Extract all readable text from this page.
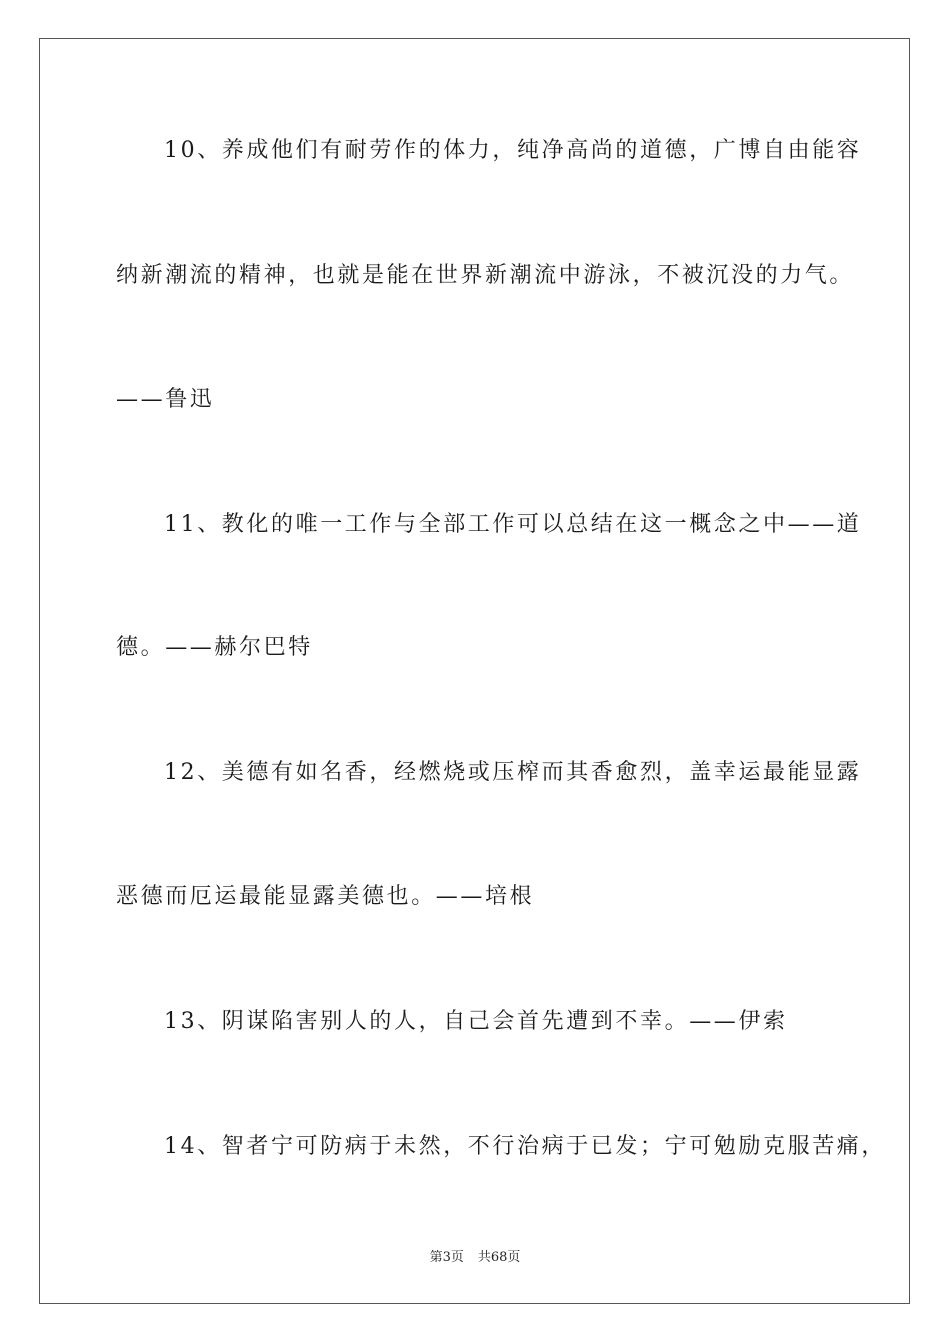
10、养成他们有耐劳作的体力，纯净高尚的道德，广博自由能容
纳新潮流的精神，也就是能在世界新潮流中游泳，不被沉没的力气。
——鲁迅
11、教化的唯一工作与全部工作可以总结在这一概念之中——道
德。——赫尔巴特
12、美德有如名香，经燃烧或压榨而其香愈烈，盖幸运最能显露
恶德而厄运最能显露美德也。——培根
13、阴谋陷害别人的人，自己会首先遭到不幸。——伊索
14、智者宁可防病于未然，不行治病于已发；宁可勉励克服苦痛，
第3页 共68页
